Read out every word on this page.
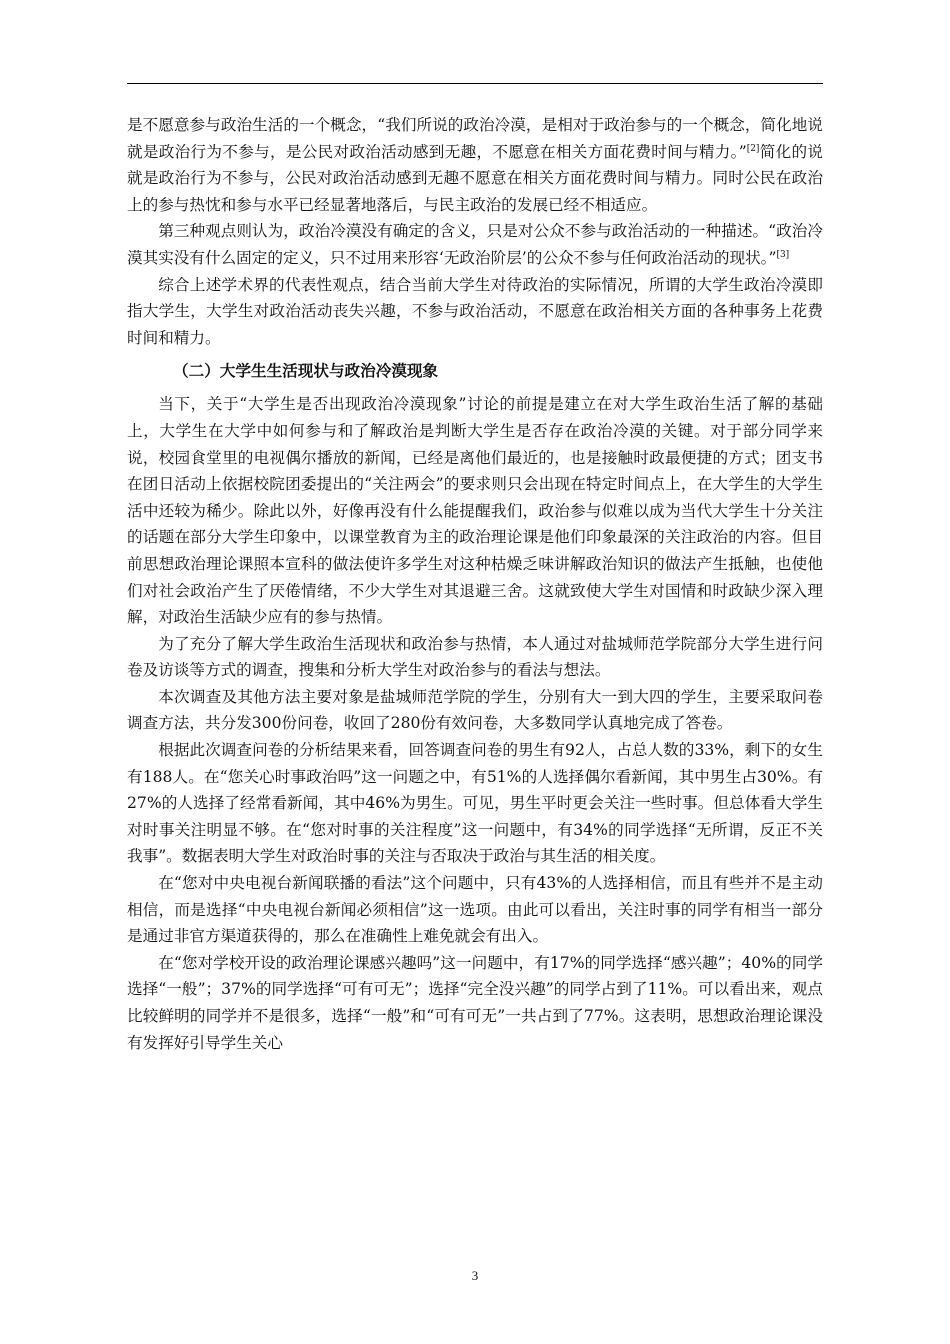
是不愿意参与政治生活的一个概念，“我们所说的政治冷漠，是相对于政治参与的一个概念，简化地说就是政治行为不参与，是公民对政治活动感到无趣，不愿意在相关方面花费时间与精力。”[2]简化的说就是政治行为不参与，公民对政治活动感到无趣不愿意在相关方面花费时间与精力。同时公民在政治上的参与热忱和参与水平已经显著地落后，与民主政治的发展已经不相适应。

第三种观点则认为，政治冷漠没有确定的含义，只是对公众不参与政治活动的一种描述。“政治冷漠其实没有什么固定的定义，只不过用来形容‘无政治阶层’的公众不参与任何政治活动的现状。”[3]

综合上述学术界的代表性观点，结合当前大学生对待政治的实际情况，所谓的大学生政治冷漠即指大学生，大学生对政治活动丧失兴趣，不参与政治活动，不愿意在政治相关方面的各种事务上花费时间和精力。

（二）大学生生活现状与政治冷漠现象

当下，关于“大学生是否出现政治冷漠现象”讨论的前提是建立在对大学生政治生活了解的基础上，大学生在大学中如何参与和了解政治是判断大学生是否存在政治冷漠的关键。对于部分同学来说，校园食堂里的电视偶尔播放的新闻，已经是离他们最近的，也是接触时政最便捷的方式；团支书在团日活动上依据校院团委提出的“关注两会”的要求则只会出现在特定时间点上，在大学生的大学生活中还较为稀少。除此以外，好像再没有什么能提醒我们，政治参与似难以成为当代大学生十分关注的话题在部分大学生印象中，以课堂教育为主的政治理论课是他们印象最深的关注政治的内容。但目前思想政治理论课照本宣科的做法使许多学生对这种枯燥乏味讲解政治知识的做法产生抵触，也使他们对社会政治产生了厌倦情绪，不少大学生对其退避三舍。这就致使大学生对国情和时政缺少深入理解，对政治生活缺少应有的参与热情。

为了充分了解大学生政治生活现状和政治参与热情，本人通过对盐城师范学院部分大学生进行问卷及访谈等方式的调查，搜集和分析大学生对政治参与的看法与想法。

本次调查及其他方法主要对象是盐城师范学院的学生，分别有大一到大四的学生，主要采取问卷调查方法，共分发300份问卷，收回了280份有效问卷，大多数同学认真地完成了答卷。

根据此次调查问卷的分析结果来看，回答调查问卷的男生有92人，占总人数的33%，剩下的女生有188人。在“您关心时事政治吗”这一问题之中，有51%的人选择偶尔看新闻，其中男生占30%。有27%的人选择了经常看新闻，其中46%为男生。可见，男生平时更会关注一些时事。但总体看大学生对时事关注明显不够。在“您对时事的关注程度”这一问题中，有34%的同学选择“无所谓，反正不关我事”。数据表明大学生对政治时事的关注与否取决于政治与其生活的相关度。

在“您对中央电视台新闻联播的看法”这个问题中，只有43%的人选择相信，而且有些并不是主动相信，而是选择“中央电视台新闻必须相信”这一选项。由此可以看出，关注时事的同学有相当一部分是通过非官方渠道获得的，那么在准确性上难免就会有出入。

在“您对学校开设的政治理论课感兴趣吗”这一问题中，有17%的同学选择“感兴趣”；40%的同学选择“一般”；37%的同学选择“可有可无”；选择“完全没兴趣”的同学占到了11%。可以看出来，观点比较鲜明的同学并不是很多，选择“一般”和“可有可无”一共占到了77%。这表明，思想政治理论课没有发挥好引导学生关心

3
